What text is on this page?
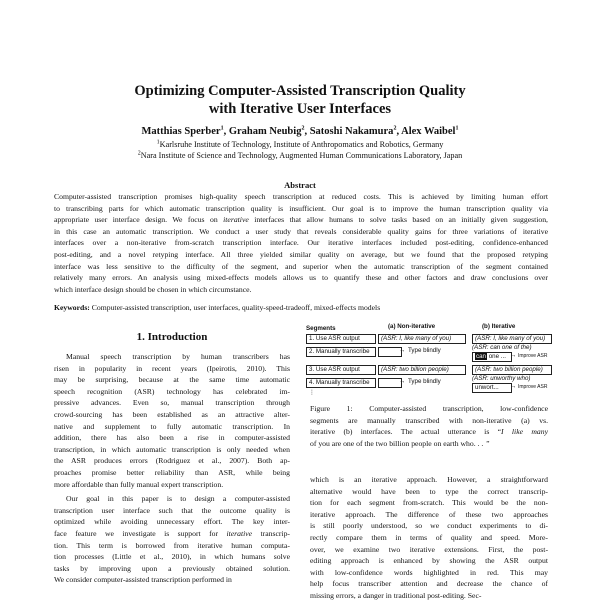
Optimizing Computer-Assisted Transcription Quality
with Iterative User Interfaces
Matthias Sperber$^1$, Graham Neubig$^2$, Satoshi Nakamura$^2$, Alex Waibel$^1$
$^1$Karlsruhe Institute of Technology, Institute of Anthropomatics and Robotics, Germany
$^2$Nara Institute of Science and Technology, Augmented Human Communications Laboratory, Japan
Abstract
Computer-assisted transcription promises high-quality speech transcription at reduced costs. This is achieved by limiting human effort
to transcribing parts for which automatic transcription quality is insufficient. Our goal is to improve the human transcription quality via
appropriate user interface design. We focus on iterative interfaces that allow humans to solve tasks based on an initially given suggestion,
in this case an automatic transcription. We conduct a user study that reveals considerable quality gains for three variations of iterative
interfaces over a non-iterative from-scratch transcription interface. Our iterative interfaces included post-editing, confidence-enhanced
post-editing, and a novel retyping interface. All three yielded similar quality on average, but we found that the proposed retyping
interface was less sensitive to the difficulty of the segment, and superior when the automatic transcription of the segment contained
relatively many errors. An analysis using mixed-effects models allows us to quantify these and other factors and draw conclusions over
which interface design should be chosen in which circumstance.
Keywords: Computer-assisted transcription, user interfaces, quality-speed-tradeoff, mixed-effects models
1. Introduction
Manual speech transcription by human transcribers has
risen in popularity in recent years (Ipeirotis, 2010). This
may be surprising, because at the same time automatic
speech recognition (ASR) technology has celebrated im-
pressive advances. Even so, manual transcription through
crowd-sourcing has been established as an attractive alter-
native and supplement to fully automatic transcription. In
addition, there has also been a rise in computer-assisted
transcription, in which automatic transcription is only needed when
the ASR produces errors (Rodriguez et al., 2007). Both ap-
proaches promise better reliability than ASR, while being
more affordable than fully manual expert transcription.
Our goal in this paper is to design a computer-assisted
transcription user interface such that the outcome quality is
optimized while avoiding unnecessary effort. The key inter-
face feature we investigate is support for iterative transcrip-
tion. This term is borrowed from iterative human computa-
tion processes (Little et al., 2010), in which humans solve
tasks by improving upon a previously obtained solution.
We consider computer-assisted transcription performed in
Segments	(a) Non-iterative	(b) Iterative
1. Use ASR output	(ASR: I, like many of you)	(ASR: I, like many of you)
2. Manually transcribe	→ Type blindly	(ASR: can one of the)
can one ... → Improve ASR
3. Use ASR output	(ASR: two billion people)	(ASR: two billion people)
4. Manually transcribe	→ Type blindly	(ASR: unworthy who)
unwort...	→ Improve ASR
⋮
Figure 1: Computer-assisted transcription, low-confidence
segments are manually transcribed with non-iterative (a) vs.
iterative (b) interfaces. The actual utterance is “I like many
of you are one of the two billion people on earth who. . . ”
which is an iterative approach. However, a straightforward
alternative would have been to type the correct transcrip-
tion for each segment from-scratch. This would be the non-
iterative approach. The difference of these two approaches
is still poorly understood, so we conduct experiments to di-
rectly compare them in terms of quality and speed. More-
over, we examine two iterative extensions. First, the post-
editing approach is enhanced by showing the ASR output
with low-confidence words highlighted in red. This may
help focus transcriber attention and decrease the chance of
missing errors, a danger in traditional post-editing. Sec-
